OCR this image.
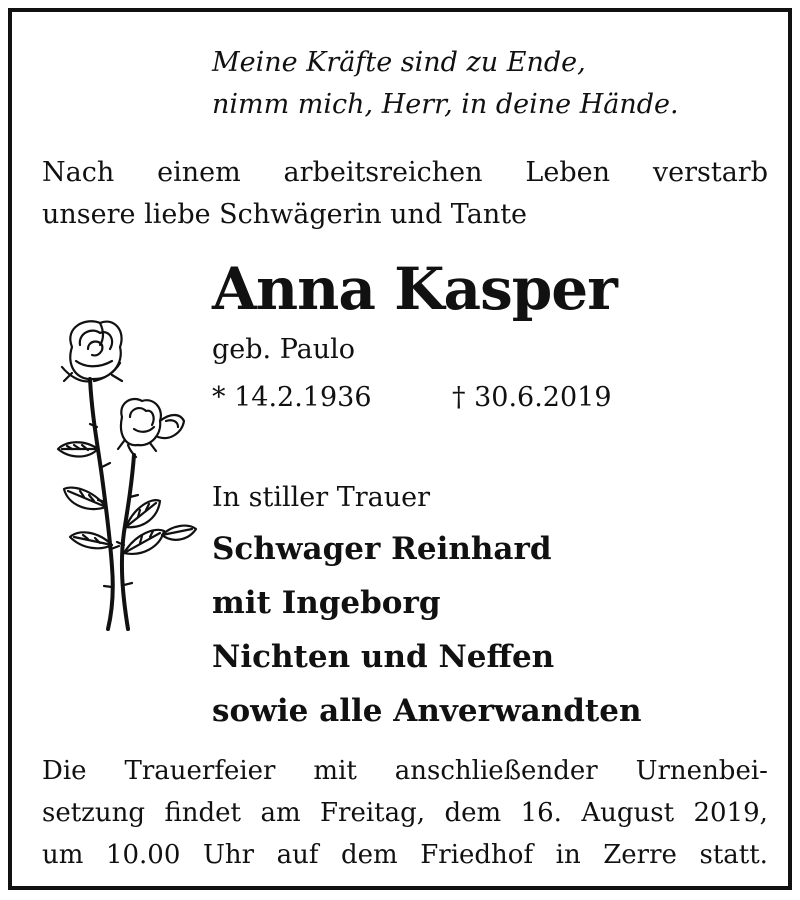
Meine Kräfte sind zu Ende,
nimm mich, Herr, in deine Hände.
Nach einem arbeitsreichen Leben verstarb
unsere liebe Schwägerin und Tante
Anna Kasper
geb. Paulo
* 14.2.1936	† 30.6.2019
In stiller Trauer
Schwager Reinhard
mit Ingeborg
Nichten und Neffen
sowie alle Anverwandten
Die Trauerfeier mit anschließender Urnenbei-
setzung findet am Freitag, dem 16. August 2019,
um 10.00 Uhr auf dem Friedhof in Zerre statt.
